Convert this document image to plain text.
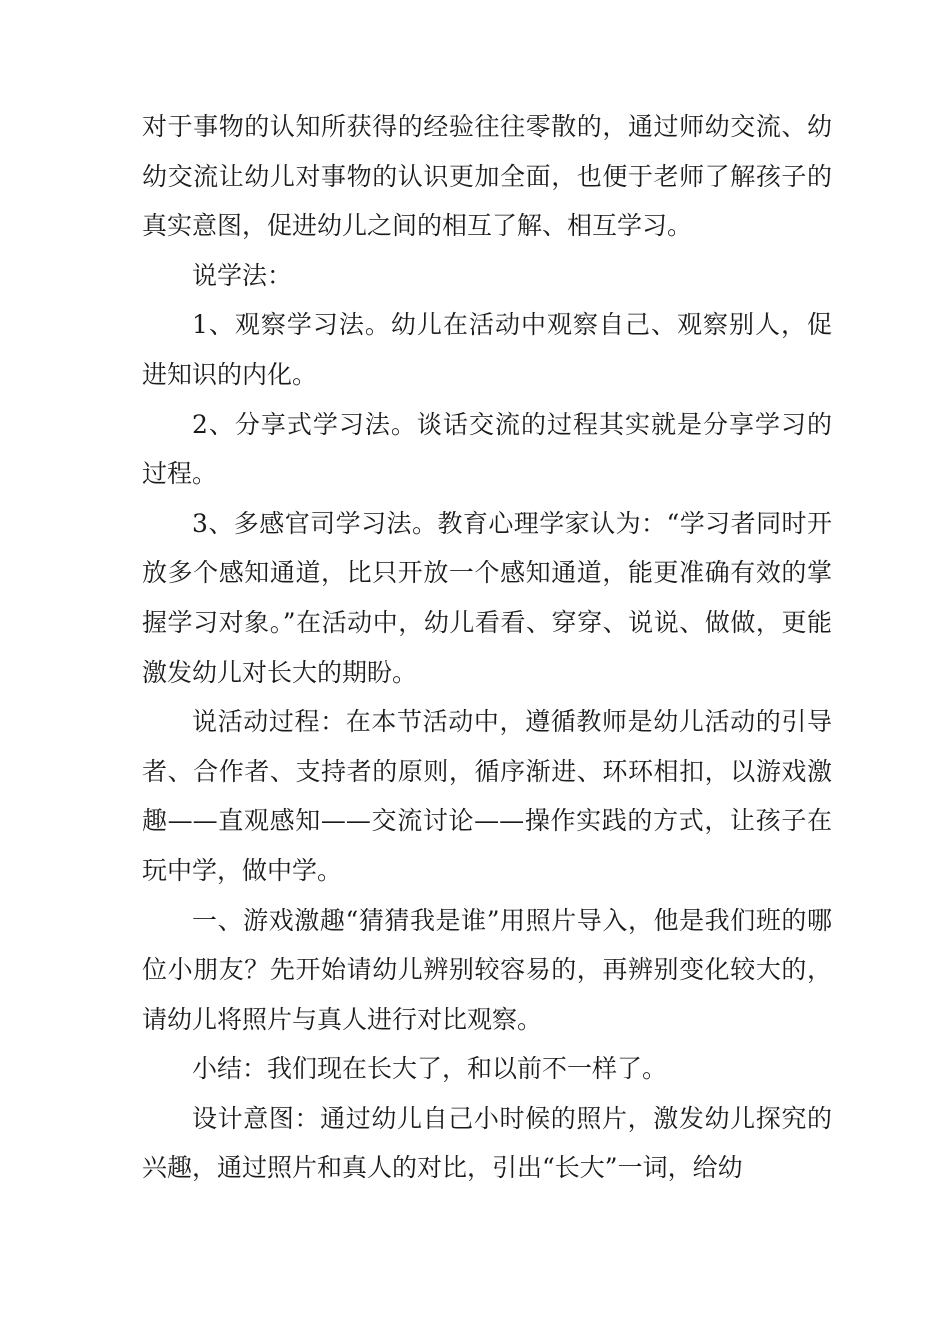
对于事物的认知所获得的经验往往零散的，通过师幼交流、幼幼交流让幼儿对事物的认识更加全面，也便于老师了解孩子的真实意图，促进幼儿之间的相互了解、相互学习。

说学法：

1、观察学习法。幼儿在活动中观察自己、观察别人，促进知识的内化。

2、分享式学习法。谈话交流的过程其实就是分享学习的过程。

3、多感官司学习法。教育心理学家认为：“学习者同时开放多个感知通道，比只开放一个感知通道，能更准确有效的掌握学习对象。”在活动中，幼儿看看、穿穿、说说、做做，更能激发幼儿对长大的期盼。

说活动过程：在本节活动中，遵循教师是幼儿活动的引导者、合作者、支持者的原则，循序渐进、环环相扣，以游戏激趣——直观感知——交流讨论——操作实践的方式，让孩子在玩中学，做中学。

一、游戏激趣“猜猜我是谁”用照片导入，他是我们班的哪位小朋友？先开始请幼儿辨别较容易的，再辨别变化较大的，请幼儿将照片与真人进行对比观察。

小结：我们现在长大了，和以前不一样了。

设计意图：通过幼儿自己小时候的照片，激发幼儿探究的兴趣，通过照片和真人的对比，引出“长大”一词，给幼
